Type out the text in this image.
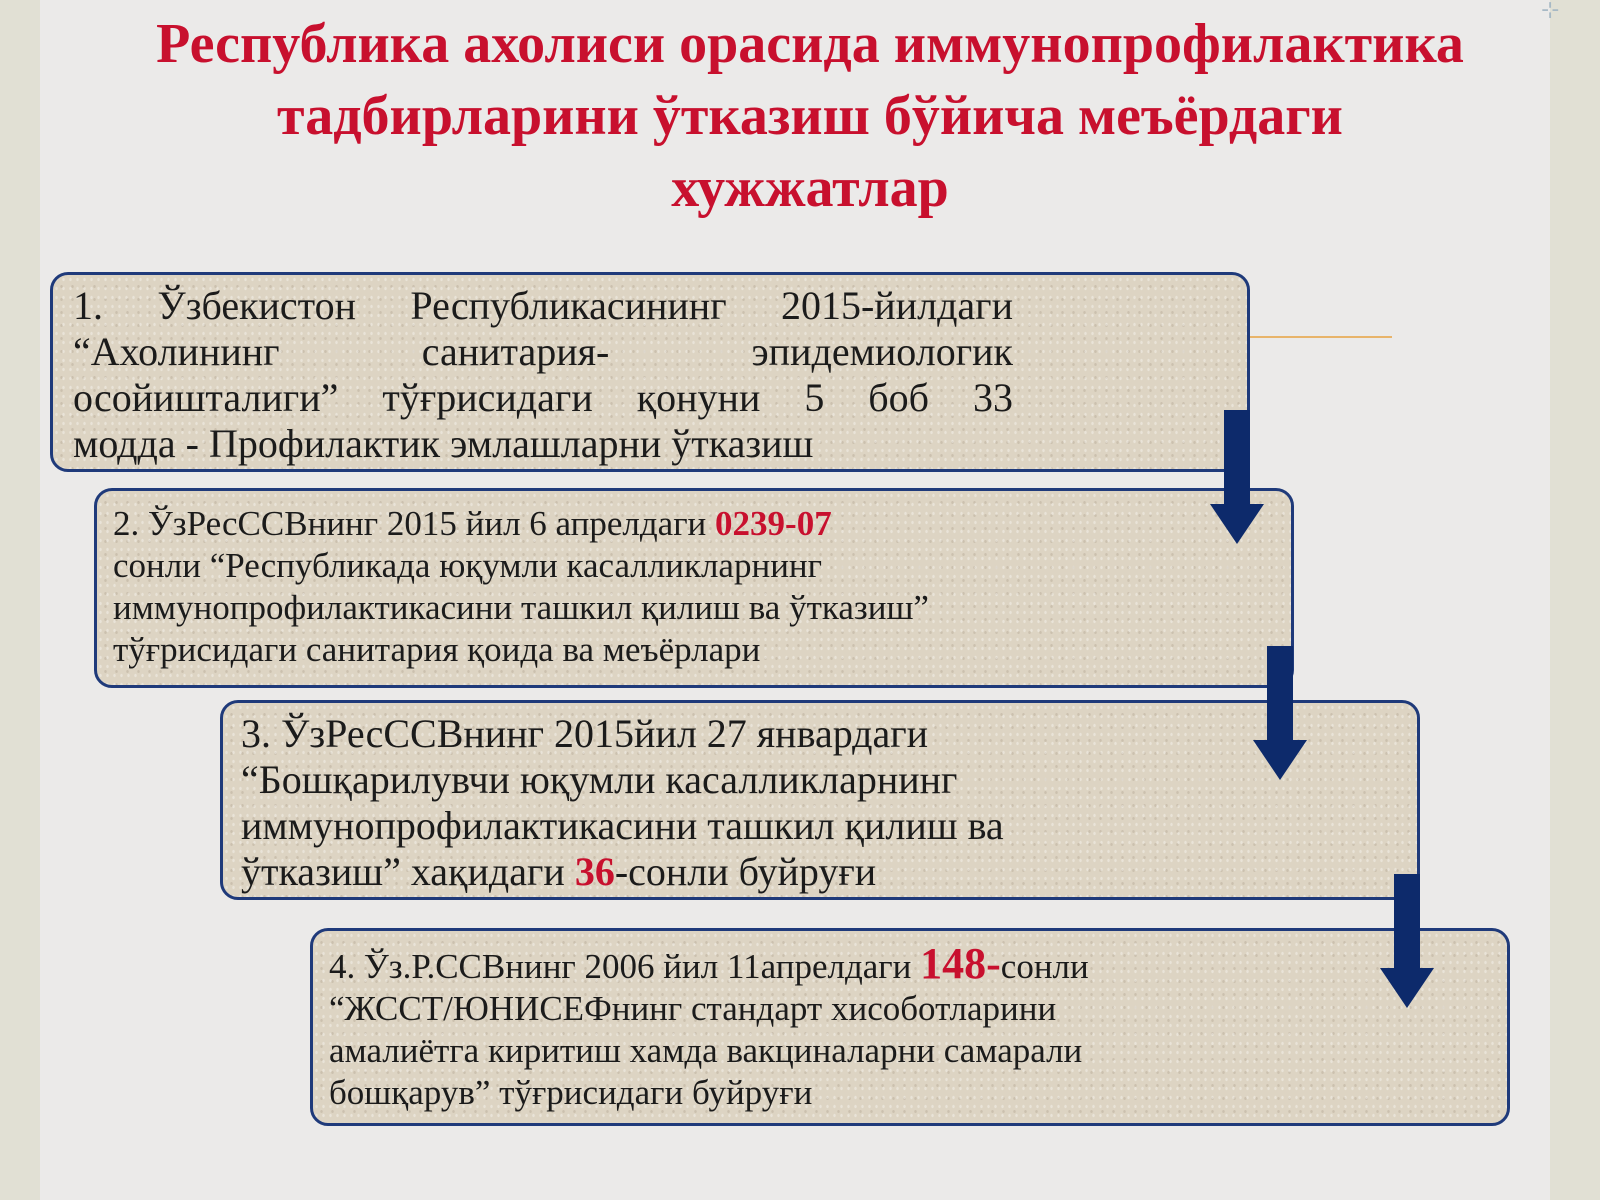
⊹
Республика ахолиси орасида иммунопрофилактика
тадбирларини ўтказиш бўйича меъёрдаги
хужжатлар
1. Ўзбекистон Республикасининг 2015-йилдаги
“Ахолининг санитария- эпидемиологик
осойишталиги” тўғрисидаги қонуни 5 боб 33
модда - Профилактик эмлашларни ўтказиш
2. ЎзРесССВнинг 2015 йил 6 апрелдаги 0239-07
сонли “Республикада юқумли касалликларнинг
иммунопрофилактикасини ташкил қилиш ва ўтказиш”
тўғрисидаги санитария қоида ва меъёрлари
3. ЎзРесССВнинг 2015йил 27 январдаги
“Бошқарилувчи юқумли касалликларнинг
иммунопрофилактикасини ташкил қилиш ва
ўтказиш” хақидаги 36-сонли буйруғи
4. Ўз.Р.ССВнинг 2006 йил 11апрелдаги 148-сонли
“ЖССТ/ЮНИСЕФнинг стандарт хисоботларини
амалиётга киритиш хамда вакциналарни самарали
бошқарув” тўғрисидаги буйруғи
